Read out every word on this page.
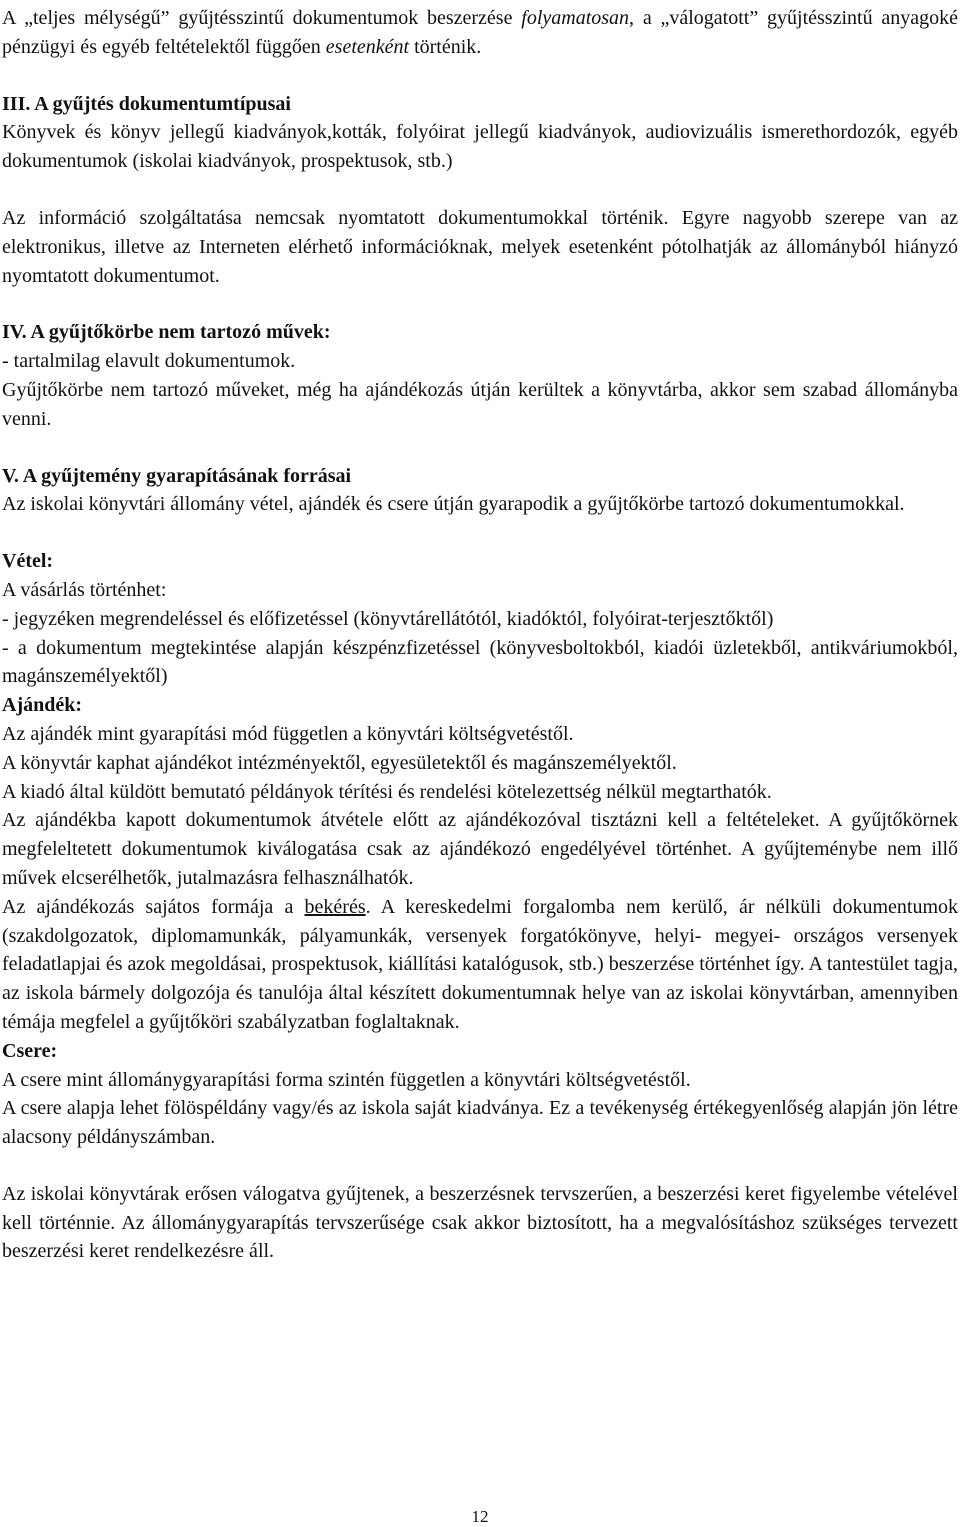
A „teljes mélységű” gyűjtésszintű dokumentumok beszerzése folyamatosan, a „válogatott” gyűjtésszintű anyagoké pénzügyi és egyéb feltételektől függően esetenként történik.

III. A gyűjtés dokumentumtípusai

Könyvek és könyv jellegű kiadványok,kották, folyóirat jellegű kiadványok, audiovizuális ismerethordozók, egyéb dokumentumok (iskolai kiadványok, prospektusok, stb.)

Az információ szolgáltatása nemcsak nyomtatott dokumentumokkal történik. Egyre nagyobb szerepe van az elektronikus, illetve az Interneten elérhető információknak, melyek esetenként pótolhatják az állományból hiányzó nyomtatott dokumentumot.

IV. A gyűjtőkörbe nem tartozó művek:

- tartalmilag elavult dokumentumok.

Gyűjtőkörbe nem tartozó műveket, még ha ajándékozás útján kerültek a könyvtárba, akkor sem szabad állományba venni.

V. A gyűjtemény gyarapításának forrásai

Az iskolai könyvtári állomány vétel, ajándék és csere útján gyarapodik a gyűjtőkörbe tartozó dokumentumokkal.

Vétel:

A vásárlás történhet:

- jegyzéken megrendeléssel és előfizetéssel (könyvtárellátótól, kiadóktól, folyóirat-terjesztőktől)

- a dokumentum megtekintése alapján készpénzfizetéssel (könyvesboltokból, kiadói üzletekből, antikváriumokból, magánszemélyektől)

Ajándék:

Az ajándék mint gyarapítási mód független a könyvtári költségvetéstől.

A könyvtár kaphat ajándékot intézményektől, egyesületektől és magánszemélyektől.

A kiadó által küldött bemutató példányok térítési és rendelési kötelezettség nélkül megtarthatók.

Az ajándékba kapott dokumentumok átvétele előtt az ajándékozóval tisztázni kell a feltételeket. A gyűjtőkörnek megfeleltetett dokumentumok kiválogatása csak az ajándékozó engedélyével történhet. A gyűjteménybe nem illő művek elcserélhetők, jutalmazásra felhasználhatók.

Az ajándékozás sajátos formája a bekérés. A kereskedelmi forgalomba nem kerülő, ár nélküli dokumentumok (szakdolgozatok, diplomamunkák, pályamunkák, versenyek forgatókönyve, helyi- megyei- országos versenyek feladatlapjai és azok megoldásai, prospektusok, kiállítási katalógusok, stb.) beszerzése történhet így. A tantestület tagja, az iskola bármely dolgozója és tanulója által készített dokumentumnak helye van az iskolai könyvtárban, amennyiben témája megfelel a gyűjtőköri szabályzatban foglaltaknak.

Csere:

A csere mint állománygyarapítási forma szintén független a könyvtári költségvetéstől.

A csere alapja lehet fölöspéldány vagy/és az iskola saját kiadványa. Ez a tevékenység értékegyenlőség alapján jön létre alacsony példányszámban.

Az iskolai könyvtárak erősen válogatva gyűjtenek, a beszerzésnek tervszerűen, a beszerzési keret figyelembe vételével kell történnie. Az állománygyarapítás tervszerűsége csak akkor biztosított, ha a megvalósításhoz szükséges tervezett beszerzési keret rendelkezésre áll.

12
